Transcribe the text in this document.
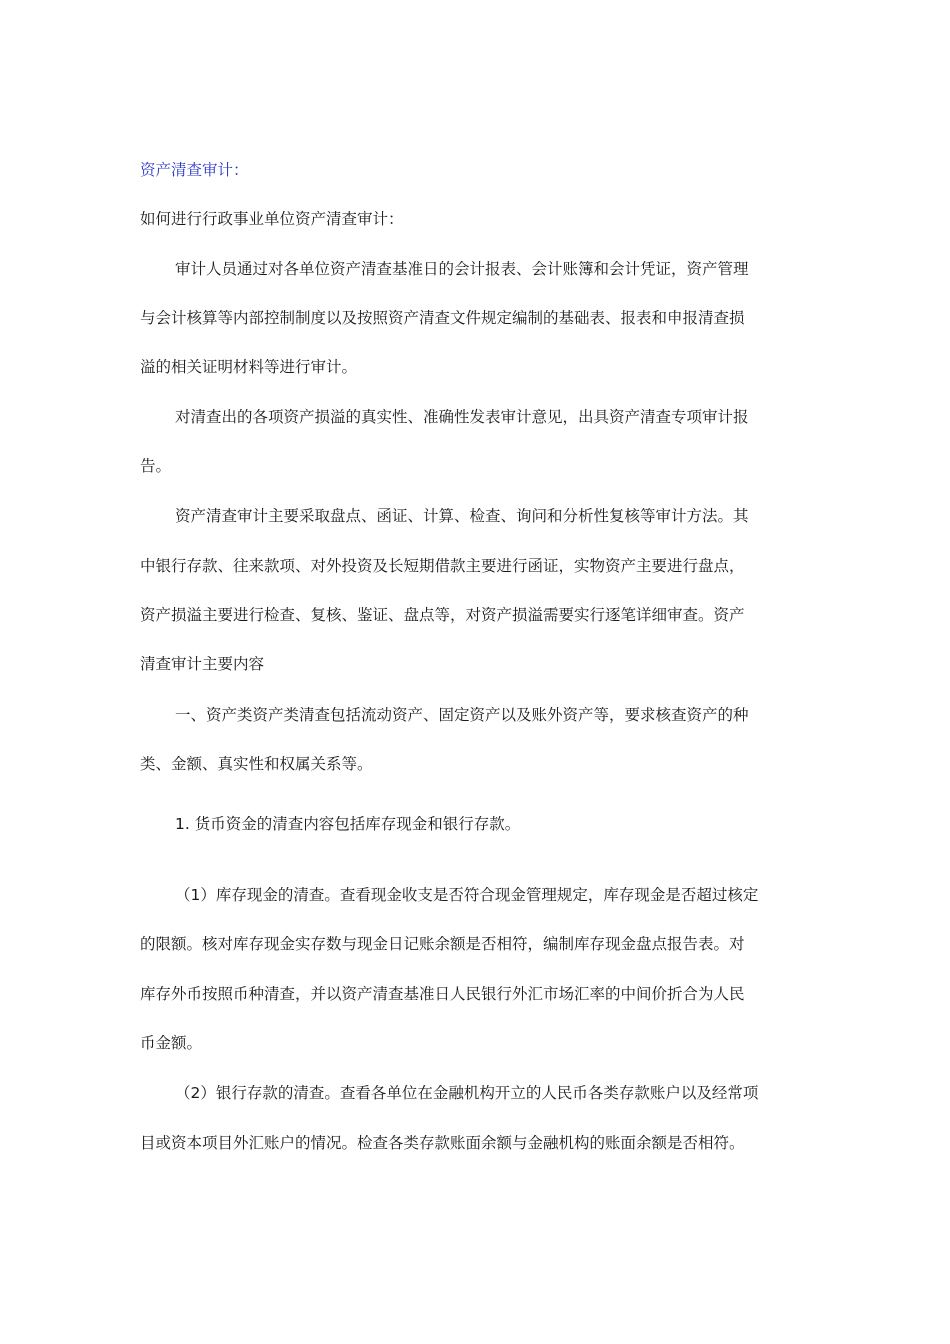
资产清查审计：
如何进行行政事业单位资产清查审计：
审计人员通过对各单位资产清查基准日的会计报表、会计账簿和会计凭证，资产管理
与会计核算等内部控制制度以及按照资产清查文件规定编制的基础表、报表和申报清查损
溢的相关证明材料等进行审计。
对清查出的各项资产损溢的真实性、准确性发表审计意见，出具资产清查专项审计报
告。
资产清查审计主要采取盘点、函证、计算、检查、询问和分析性复核等审计方法。其
中银行存款、往来款项、对外投资及长短期借款主要进行函证，实物资产主要进行盘点，
资产损溢主要进行检查、复核、鉴证、盘点等，对资产损溢需要实行逐笔详细审查。资产
清查审计主要内容
一、资产类资产类清查包括流动资产、固定资产以及账外资产等，要求核查资产的种
类、金额、真实性和权属关系等。
1. 货币资金的清查内容包括库存现金和银行存款。
（1）库存现金的清查。查看现金收支是否符合现金管理规定，库存现金是否超过核定
的限额。核对库存现金实存数与现金日记账余额是否相符，编制库存现金盘点报告表。对
库存外币按照币种清查，并以资产清查基准日人民银行外汇市场汇率的中间价折合为人民
币金额。
（2）银行存款的清查。查看各单位在金融机构开立的人民币各类存款账户以及经常项
目或资本项目外汇账户的情况。检查各类存款账面余额与金融机构的账面余额是否相符。
